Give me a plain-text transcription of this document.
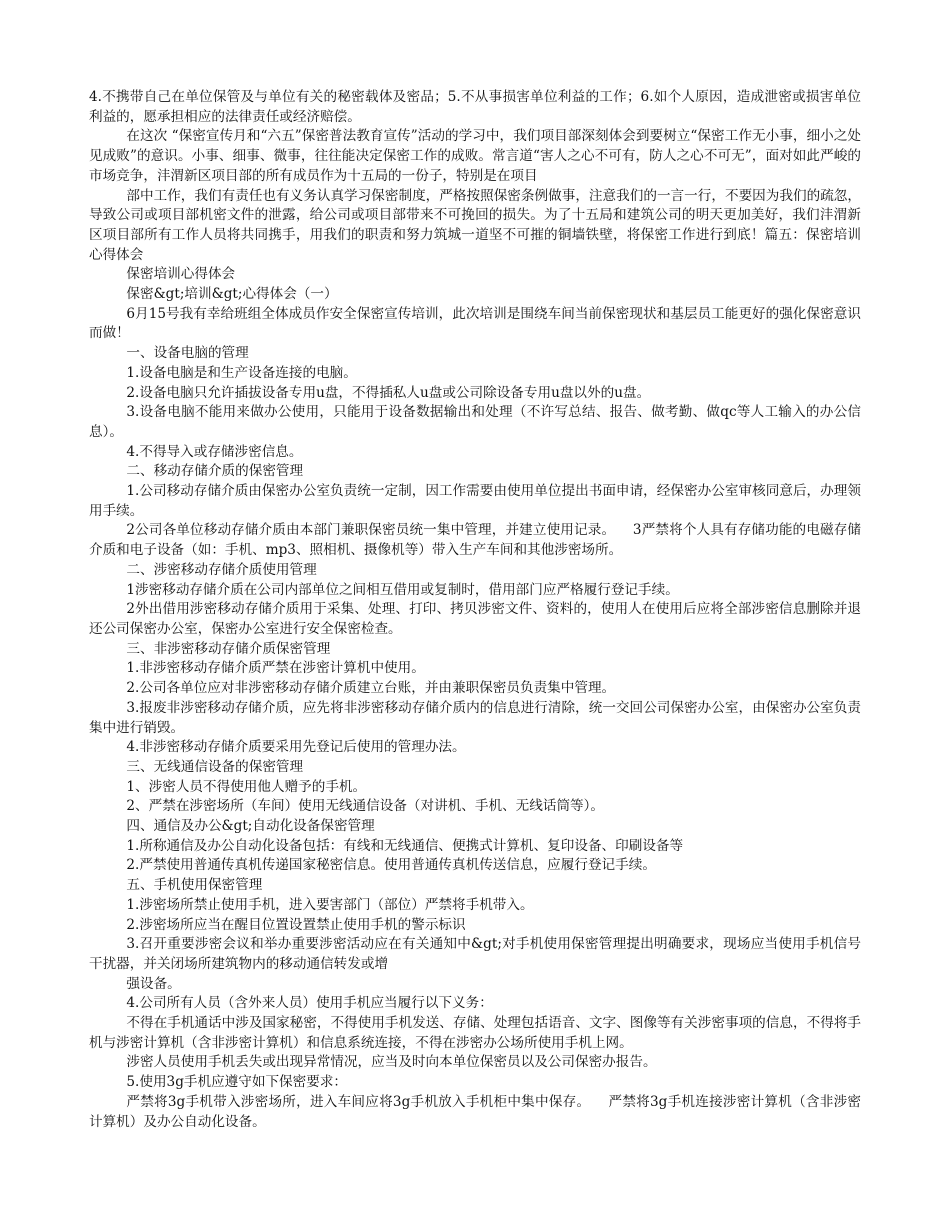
4.不携带自己在单位保管及与单位有关的秘密载体及密品；5.不从事损害单位利益的工作；6.如个人原因，造成泄密或损害单位利益的，愿承担相应的法律责任或经济赔偿。

在这次 “保密宣传月和“六五”保密普法教育宣传”活动的学习中，我们项目部深刻体会到要树立“保密工作无小事，细小之处见成败”的意识。小事、细事、微事，往往能决定保密工作的成败。常言道“害人之心不可有，防人之心不可无”，面对如此严峻的市场竞争，沣渭新区项目部的所有成员作为十五局的一份子，特别是在项目

部中工作，我们有责任也有义务认真学习保密制度，严格按照保密条例做事，注意我们的一言一行，不要因为我们的疏忽，导致公司或项目部机密文件的泄露，给公司或项目部带来不可挽回的损失。为了十五局和建筑公司的明天更加美好，我们沣渭新区项目部所有工作人员将共同携手，用我们的职责和努力筑城一道坚不可摧的铜墙铁壁，将保密工作进行到底！篇五：保密培训心得体会

保密培训心得体会

保密&gt;培训&gt;心得体会（一）

6月15号我有幸给班组全体成员作安全保密宣传培训，此次培训是围绕车间当前保密现状和基层员工能更好的强化保密意识而做！

一、设备电脑的管理

1.设备电脑是和生产设备连接的电脑。

2.设备电脑只允许插拔设备专用u盘，不得插私人u盘或公司除设备专用u盘以外的u盘。

3.设备电脑不能用来做办公使用，只能用于设备数据输出和处理（不许写总结、报告、做考勤、做qc等人工输入的办公信息）。

4.不得导入或存储涉密信息。

二、移动存储介质的保密管理

1.公司移动存储介质由保密办公室负责统一定制，因工作需要由使用单位提出书面申请，经保密办公室审核同意后，办理领用手续。

2公司各单位移动存储介质由本部门兼职保密员统一集中管理，并建立使用记录。    3严禁将个人具有存储功能的电磁存储介质和电子设备（如：手机、mp3、照相机、摄像机等）带入生产车间和其他涉密场所。

二、涉密移动存储介质使用管理

1涉密移动存储介质在公司内部单位之间相互借用或复制时，借用部门应严格履行登记手续。

2外出借用涉密移动存储介质用于采集、处理、打印、拷贝涉密文件、资料的，使用人在使用后应将全部涉密信息删除并退还公司保密办公室，保密办公室进行安全保密检查。

三、非涉密移动存储介质保密管理

1.非涉密移动存储介质严禁在涉密计算机中使用。

2.公司各单位应对非涉密移动存储介质建立台账，并由兼职保密员负责集中管理。

3.报废非涉密移动存储介质，应先将非涉密移动存储介质内的信息进行清除，统一交回公司保密办公室，由保密办公室负责集中进行销毁。

4.非涉密移动存储介质要采用先登记后使用的管理办法。

三、无线通信设备的保密管理

1、涉密人员不得使用他人赠予的手机。

2、严禁在涉密场所（车间）使用无线通信设备（对讲机、手机、无线话筒等）。

四、通信及办公&gt;自动化设备保密管理

1.所称通信及办公自动化设备包括：有线和无线通信、便携式计算机、复印设备、印刷设备等

2.严禁使用普通传真机传递国家秘密信息。使用普通传真机传送信息，应履行登记手续。

五、手机使用保密管理

1.涉密场所禁止使用手机，进入要害部门（部位）严禁将手机带入。

2.涉密场所应当在醒目位置设置禁止使用手机的警示标识

3.召开重要涉密会议和举办重要涉密活动应在有关通知中&gt;对手机使用保密管理提出明确要求，现场应当使用手机信号干扰器，并关闭场所建筑物内的移动通信转发或增

强设备。

4.公司所有人员（含外来人员）使用手机应当履行以下义务：

不得在手机通话中涉及国家秘密，不得使用手机发送、存储、处理包括语音、文字、图像等有关涉密事项的信息，不得将手机与涉密计算机（含非涉密计算机）和信息系统连接，不得在涉密办公场所使用手机上网。

涉密人员使用手机丢失或出现异常情况，应当及时向本单位保密员以及公司保密办报告。

5.使用3g手机应遵守如下保密要求：

严禁将3g手机带入涉密场所，进入车间应将3g手机放入手机柜中集中保存。    严禁将3g手机连接涉密计算机（含非涉密计算机）及办公自动化设备。
